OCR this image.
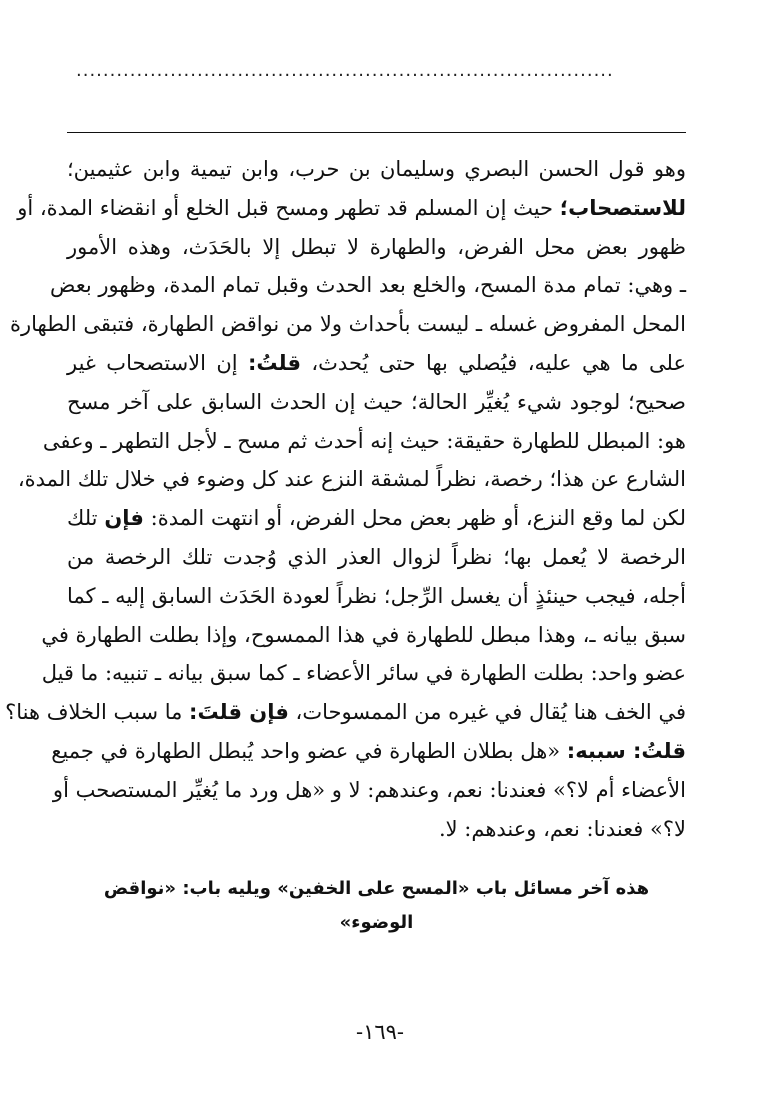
................................................................................
وهو قول الحسن البصري وسليمان بن حرب، وابن تيمية وابن عثيمين؛
للاستصحاب؛ حيث إن المسلم قد تطهر ومسح قبل الخلع أو انقضاء المدة، أو
ظهور بعض محل الفرض، والطهارة لا تبطل إلا بالحَدَث، وهذه الأمور
ـ وهي: تمام مدة المسح، والخلع بعد الحدث وقبل تمام المدة، وظهور بعض
المحل المفروض غسله ـ ليست بأحداث ولا من نواقض الطهارة، فتبقى الطهارة
على ما هي عليه، فيُصلي بها حتى يُحدث، قلتُ: إن الاستصحاب غير
صحيح؛ لوجود شيء يُغيِّر الحالة؛ حيث إن الحدث السابق على آخر مسح
هو: المبطل للطهارة حقيقة: حيث إنه أحدث ثم مسح ـ لأجل التطهر ـ وعفى
الشارع عن هذا؛ رخصة، نظراً لمشقة النزع عند كل وضوء في خلال تلك المدة،
لكن لما وقع النزع، أو ظهر بعض محل الفرض، أو انتهت المدة: فإن تلك
الرخصة لا يُعمل بها؛ نظراً لزوال العذر الذي وُجدت تلك الرخصة من
أجله، فيجب حينئذٍ أن يغسل الرِّجل؛ نظراً لعودة الحَدَث السابق إليه ـ كما
سبق بيانه ـ، وهذا مبطل للطهارة في هذا الممسوح، وإذا بطلت الطهارة في
عضو واحد: بطلت الطهارة في سائر الأعضاء ـ كما سبق بيانه ـ تنبيه: ما قيل
في الخف هنا يُقال في غيره من الممسوحات، فإن قلتَ: ما سبب الخلاف هنا؟
قلتُ: سببه: «هل بطلان الطهارة في عضو واحد يُبطل الطهارة في جميع
الأعضاء أم لا؟» فعندنا: نعم، وعندهم: لا و «هل ورد ما يُغيِّر المستصحب أو
لا؟» فعندنا: نعم، وعندهم: لا.
هذه آخر مسائل باب «المسح على الخفين» ويليه باب: «نواقض الوضوء»
-١٦٩-
